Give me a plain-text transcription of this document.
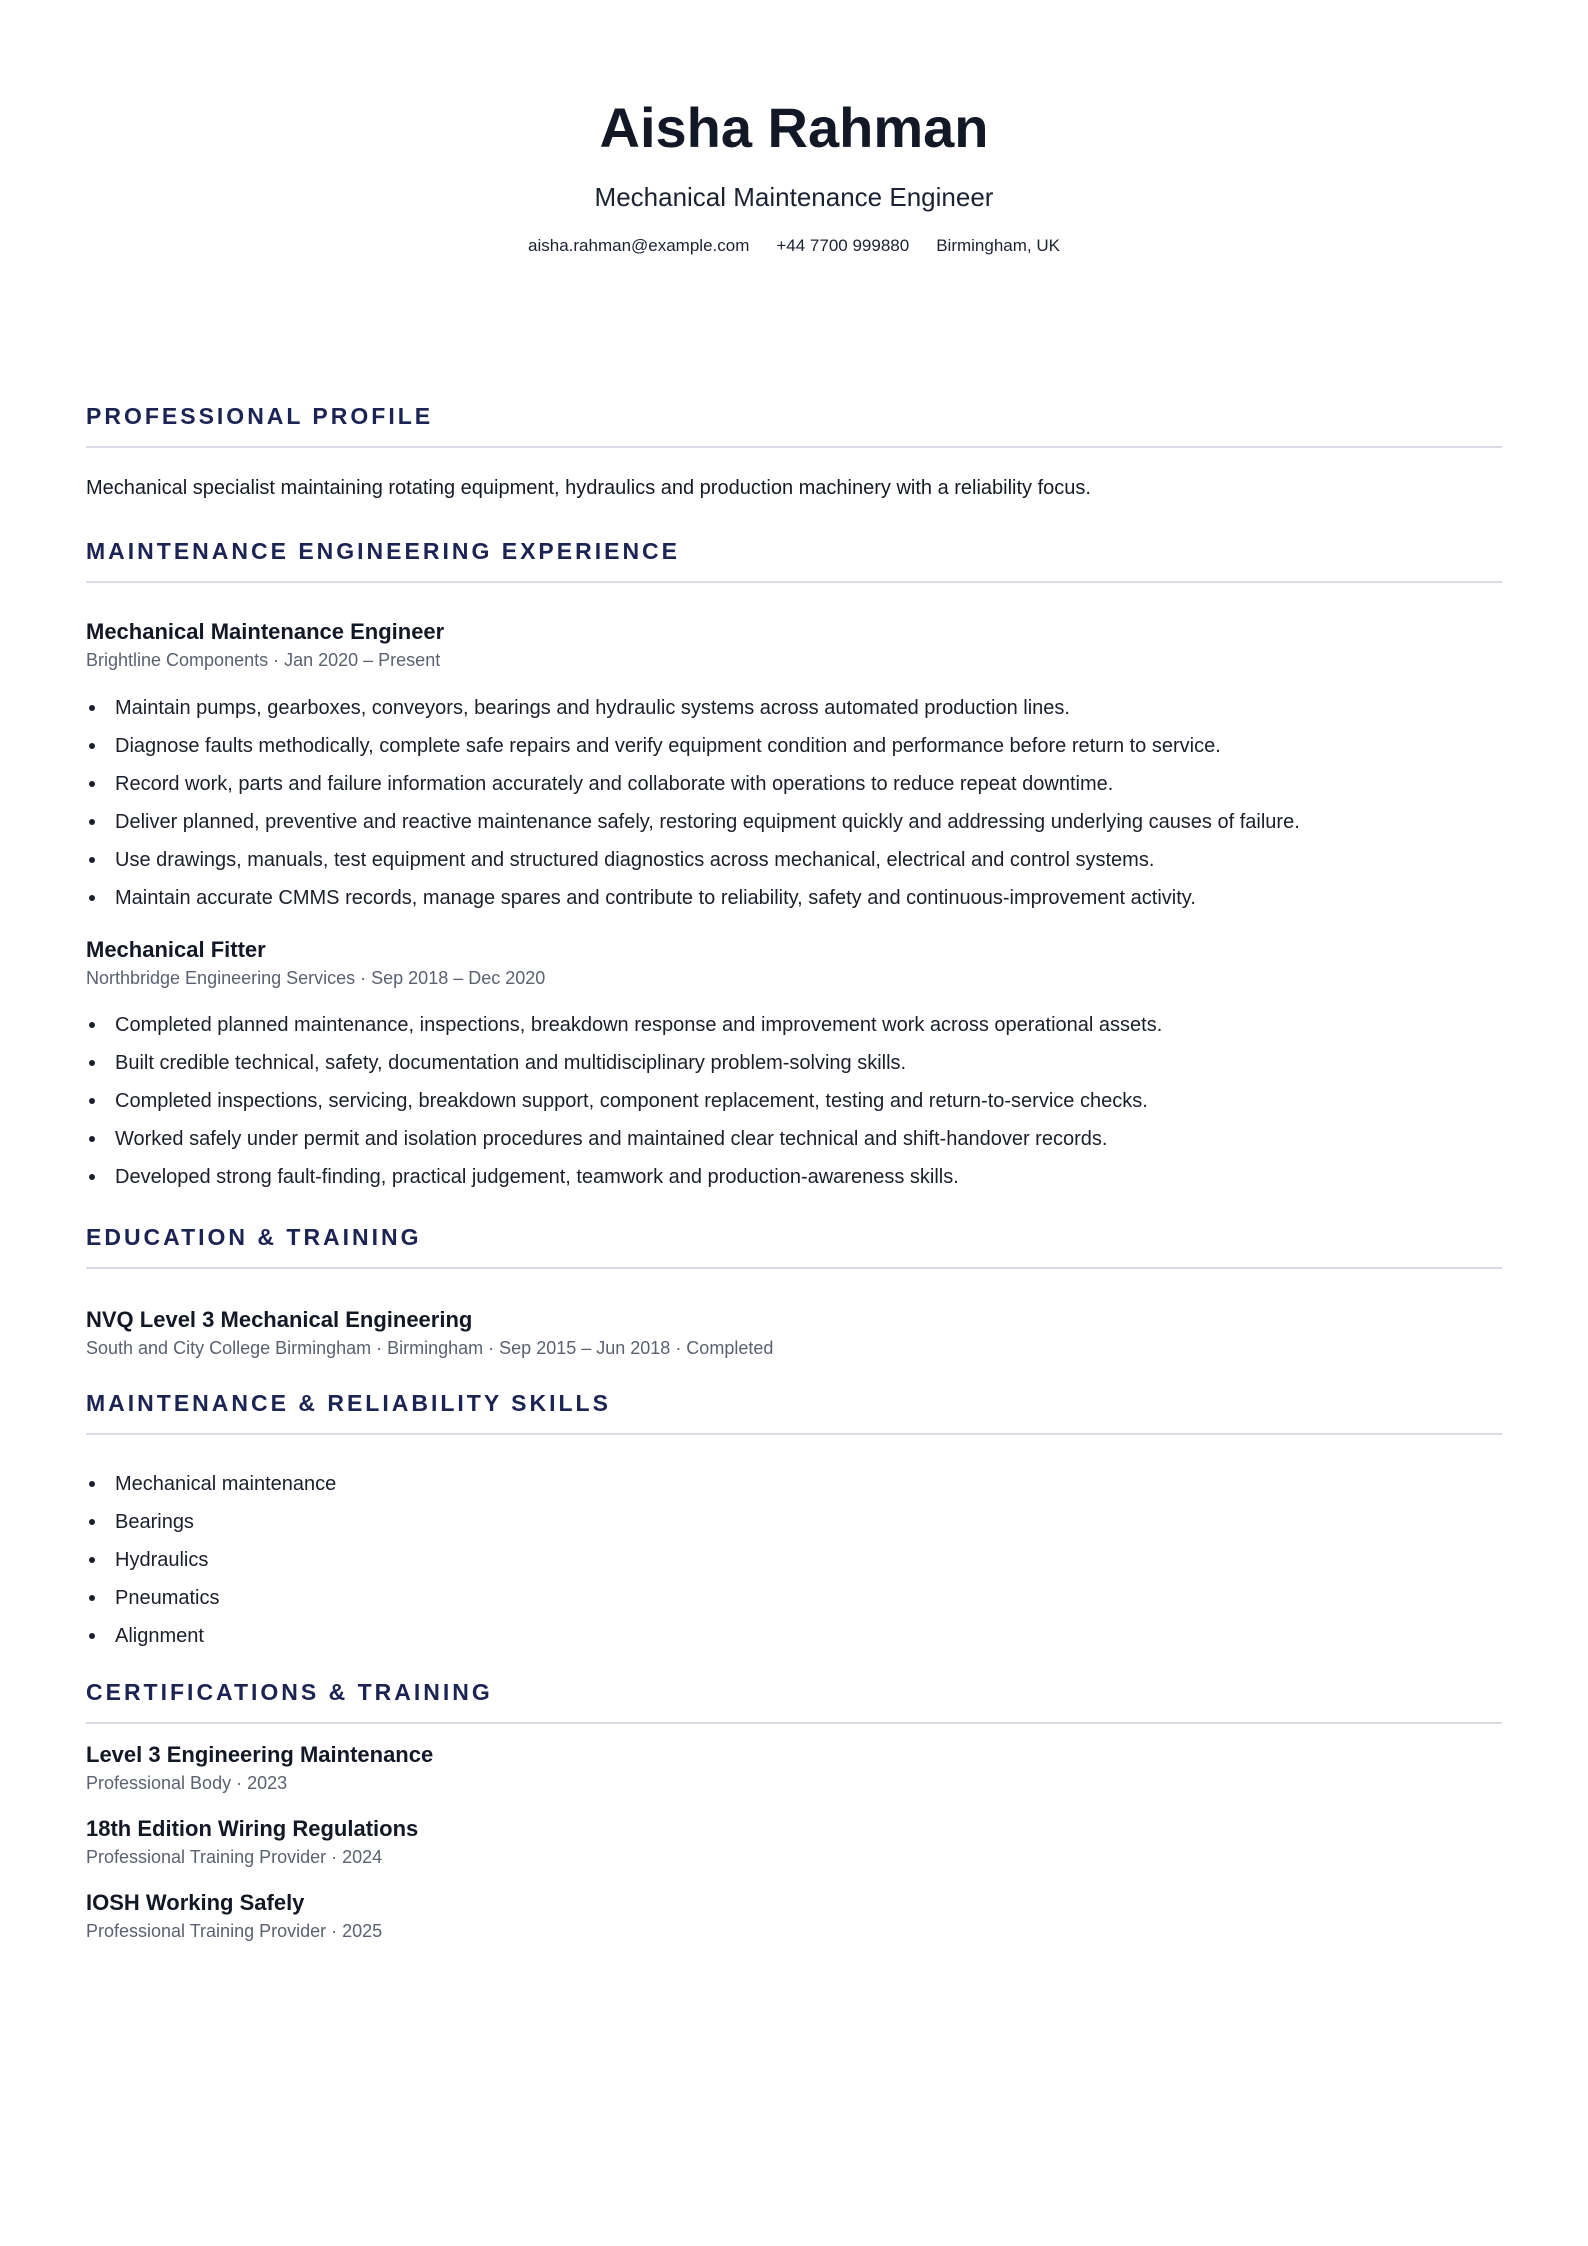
Aisha Rahman
Mechanical Maintenance Engineer
aisha.rahman@example.com +44 7700 999880 Birmingham, UK
PROFESSIONAL PROFILE

Mechanical specialist maintaining rotating equipment, hydraulics and production machinery with a reliability focus.

MAINTENANCE ENGINEERING EXPERIENCE
Mechanical Maintenance Engineer
Brightline Components · Jan 2020 – Present
Maintain pumps, gearboxes, conveyors, bearings and hydraulic systems across automated production lines.
Diagnose faults methodically, complete safe repairs and verify equipment condition and performance before return to service.
Record work, parts and failure information accurately and collaborate with operations to reduce repeat downtime.
Deliver planned, preventive and reactive maintenance safely, restoring equipment quickly and addressing underlying causes of failure.
Use drawings, manuals, test equipment and structured diagnostics across mechanical, electrical and control systems.
Maintain accurate CMMS records, manage spares and contribute to reliability, safety and continuous-improvement activity.
Mechanical Fitter
Northbridge Engineering Services · Sep 2018 – Dec 2020
Completed planned maintenance, inspections, breakdown response and improvement work across operational assets.
Built credible technical, safety, documentation and multidisciplinary problem-solving skills.
Completed inspections, servicing, breakdown support, component replacement, testing and return-to-service checks.
Worked safely under permit and isolation procedures and maintained clear technical and shift-handover records.
Developed strong fault-finding, practical judgement, teamwork and production-awareness skills.
EDUCATION & TRAINING
NVQ Level 3 Mechanical Engineering
South and City College Birmingham · Birmingham · Sep 2015 – Jun 2018 · Completed
MAINTENANCE & RELIABILITY SKILLS
Mechanical maintenance
Bearings
Hydraulics
Pneumatics
Alignment
CERTIFICATIONS & TRAINING
Level 3 Engineering Maintenance
Professional Body · 2023
18th Edition Wiring Regulations
Professional Training Provider · 2024
IOSH Working Safely
Professional Training Provider · 2025
